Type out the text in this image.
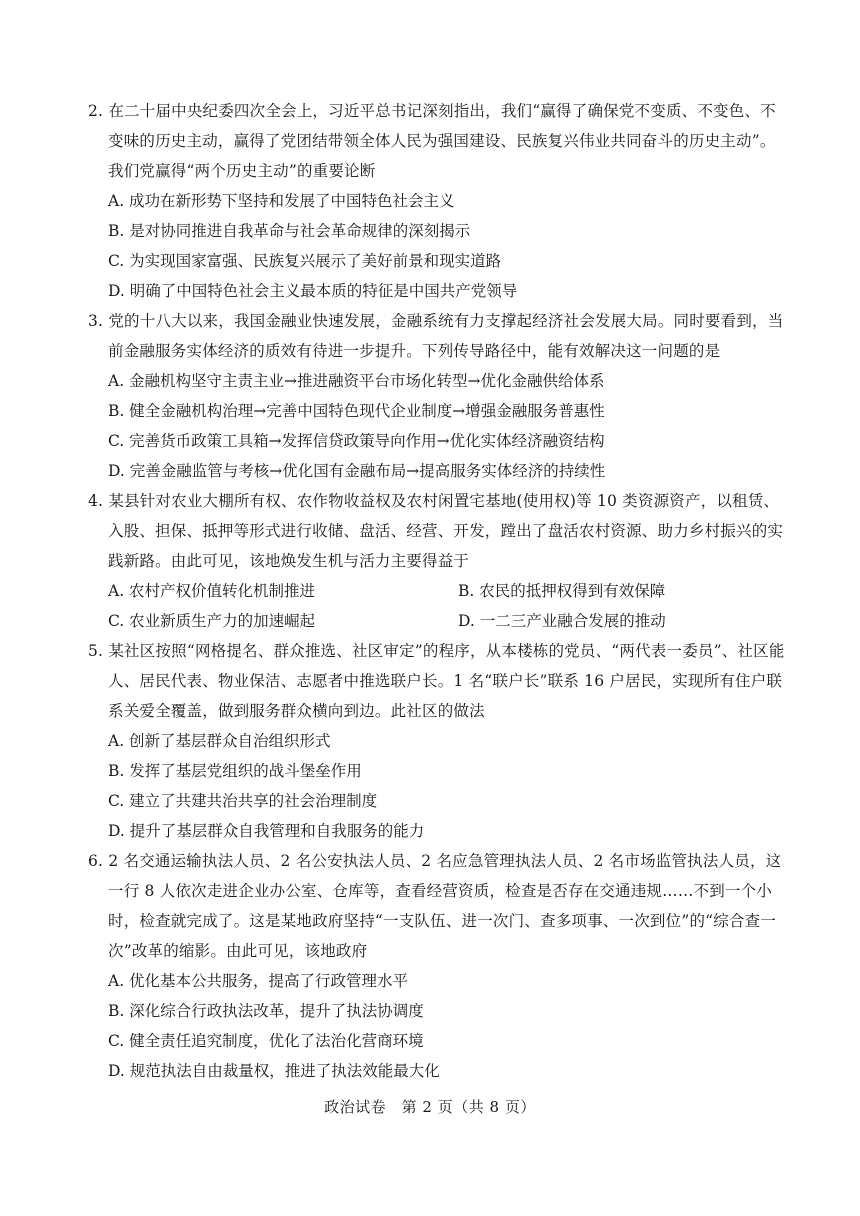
2. 在二十届中央纪委四次全会上，习近平总书记深刻指出，我们“赢得了确保党不变质、不变色、不变味的历史主动，赢得了党团结带领全体人民为强国建设、民族复兴伟业共同奋斗的历史主动”。我们党赢得“两个历史主动”的重要论断
A. 成功在新形势下坚持和发展了中国特色社会主义
B. 是对协同推进自我革命与社会革命规律的深刻揭示
C. 为实现国家富强、民族复兴展示了美好前景和现实道路
D. 明确了中国特色社会主义最本质的特征是中国共产党领导
3. 党的十八大以来，我国金融业快速发展，金融系统有力支撑起经济社会发展大局。同时要看到，当前金融服务实体经济的质效有待进一步提升。下列传导路径中，能有效解决这一问题的是
A. 金融机构坚守主责主业→推进融资平台市场化转型→优化金融供给体系
B. 健全金融机构治理→完善中国特色现代企业制度→增强金融服务普惠性
C. 完善货币政策工具箱→发挥信贷政策导向作用→优化实体经济融资结构
D. 完善金融监管与考核→优化国有金融布局→提高服务实体经济的持续性
4. 某县针对农业大棚所有权、农作物收益权及农村闲置宅基地(使用权)等 10 类资源资产，以租赁、入股、担保、抵押等形式进行收储、盘活、经营、开发，蹚出了盘活农村资源、助力乡村振兴的实践新路。由此可见，该地焕发生机与活力主要得益于
A. 农村产权价值转化机制推进	B. 农民的抵押权得到有效保障
C. 农业新质生产力的加速崛起	D. 一二三产业融合发展的推动
5. 某社区按照“网格提名、群众推选、社区审定”的程序，从本楼栋的党员、“两代表一委员”、社区能人、居民代表、物业保洁、志愿者中推选联户长。1 名“联户长”联系 16 户居民，实现所有住户联系关爱全覆盖，做到服务群众横向到边。此社区的做法
A. 创新了基层群众自治组织形式
B. 发挥了基层党组织的战斗堡垒作用
C. 建立了共建共治共享的社会治理制度
D. 提升了基层群众自我管理和自我服务的能力
6. 2 名交通运输执法人员、2 名公安执法人员、2 名应急管理执法人员、2 名市场监管执法人员，这一行 8 人依次走进企业办公室、仓库等，查看经营资质，检查是否存在交通违规……不到一个小时，检查就完成了。这是某地政府坚持“一支队伍、进一次门、查多项事、一次到位”的“综合查一次”改革的缩影。由此可见，该地政府
A. 优化基本公共服务，提高了行政管理水平
B. 深化综合行政执法改革，提升了执法协调度
C. 健全责任追究制度，优化了法治化营商环境
D. 规范执法自由裁量权，推进了执法效能最大化
政治试卷　第 2 页（共 8 页）
